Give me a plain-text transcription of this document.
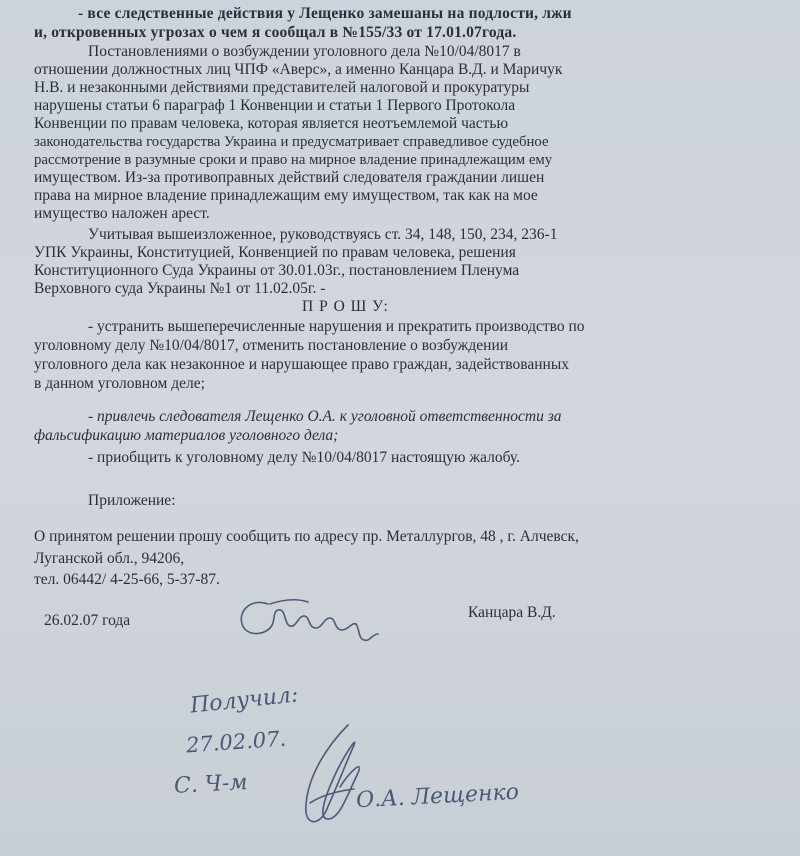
- все следственные действия у Лещенко замешаны на подлости, лжи
и, откровенных угрозах о чем я сообщал в №155/33 от 17.01.07года.
Постановлениями о возбуждении уголовного дела №10/04/8017 в
отношении должностных лиц ЧПФ «Аверс», а именно Канцара В.Д. и Маричук
Н.В. и незаконными действиями представителей налоговой и прокуратуры
нарушены статьи 6 параграф 1 Конвенции и статьи 1 Первого Протокола
Конвенции по правам человека, которая является неотъемлемой частью
законодательства государства Украина и предусматривает справедливое судебное
рассмотрение в разумные сроки и право на мирное владение принадлежащим ему
имуществом. Из-за противоправных действий следователя граждании лишен
права на мирное владение принадлежащим ему имуществом, так как на мое
имущество наложен арест.
Учитывая вышеизложенное, руководствуясь ст. 34, 148, 150, 234, 236-1
УПК Украины, Конституцией, Конвенцией по правам человека, решения
Конституционного Суда Украины от 30.01.03г., постановлением Пленума
Верховного суда Украины №1 от 11.02.05г. -
П Р О Ш У:
- устранить вышеперечисленные нарушения и прекратить производство по
уголовному делу №10/04/8017, отменить постановление о возбуждении
уголовного дела как незаконное и нарушающее право граждан, задействованных
в данном уголовном деле;
- привлечь следователя Лещенко О.А. к уголовной ответственности за
фальсификацию материалов уголовного дела;
- приобщить к уголовному делу №10/04/8017 настоящую жалобу.
Приложение:
О принятом решении прошу сообщить по адресу пр. Металлургов, 48 , г. Алчевск,
Луганской обл., 94206,
тел. 06442/ 4-25-66, 5-37-87.
26.02.07 года	Канцара В.Д.
Получил:
27.02.07.
С. Ч-м	О.А. Лещенко
